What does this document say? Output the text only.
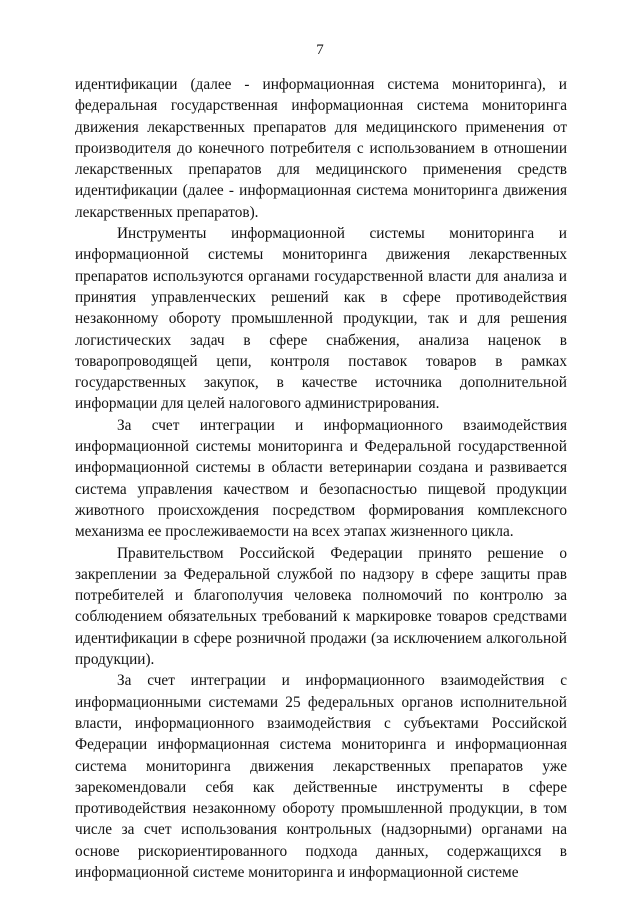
7

идентификации (далее - информационная система мониторинга), и федеральная государственная информационная система мониторинга движения лекарственных препаратов для медицинского применения от производителя до конечного потребителя с использованием в отношении лекарственных препаратов для медицинского применения средств идентификации (далее - информационная система мониторинга движения лекарственных препаратов).

Инструменты информационной системы мониторинга и информационной системы мониторинга движения лекарственных препаратов используются органами государственной власти для анализа и принятия управленческих решений как в сфере противодействия незаконному обороту промышленной продукции, так и для решения логистических задач в сфере снабжения, анализа наценок в товаропроводящей цепи, контроля поставок товаров в рамках государственных закупок, в качестве источника дополнительной информации для целей налогового администрирования.

За счет интеграции и информационного взаимодействия информационной системы мониторинга и Федеральной государственной информационной системы в области ветеринарии создана и развивается система управления качеством и безопасностью пищевой продукции животного происхождения посредством формирования комплексного механизма ее прослеживаемости на всех этапах жизненного цикла.

Правительством Российской Федерации принято решение о закреплении за Федеральной службой по надзору в сфере защиты прав потребителей и благополучия человека полномочий по контролю за соблюдением обязательных требований к маркировке товаров средствами идентификации в сфере розничной продажи (за исключением алкогольной продукции).

За счет интеграции и информационного взаимодействия с информационными системами 25 федеральных органов исполнительной власти, информационного взаимодействия с субъектами Российской Федерации информационная система мониторинга и информационная система мониторинга движения лекарственных препаратов уже зарекомендовали себя как действенные инструменты в сфере противодействия незаконному обороту промышленной продукции, в том числе за счет использования контрольных (надзорными) органами на основе рискориентированного подхода данных, содержащихся в информационной системе мониторинга и информационной системе
